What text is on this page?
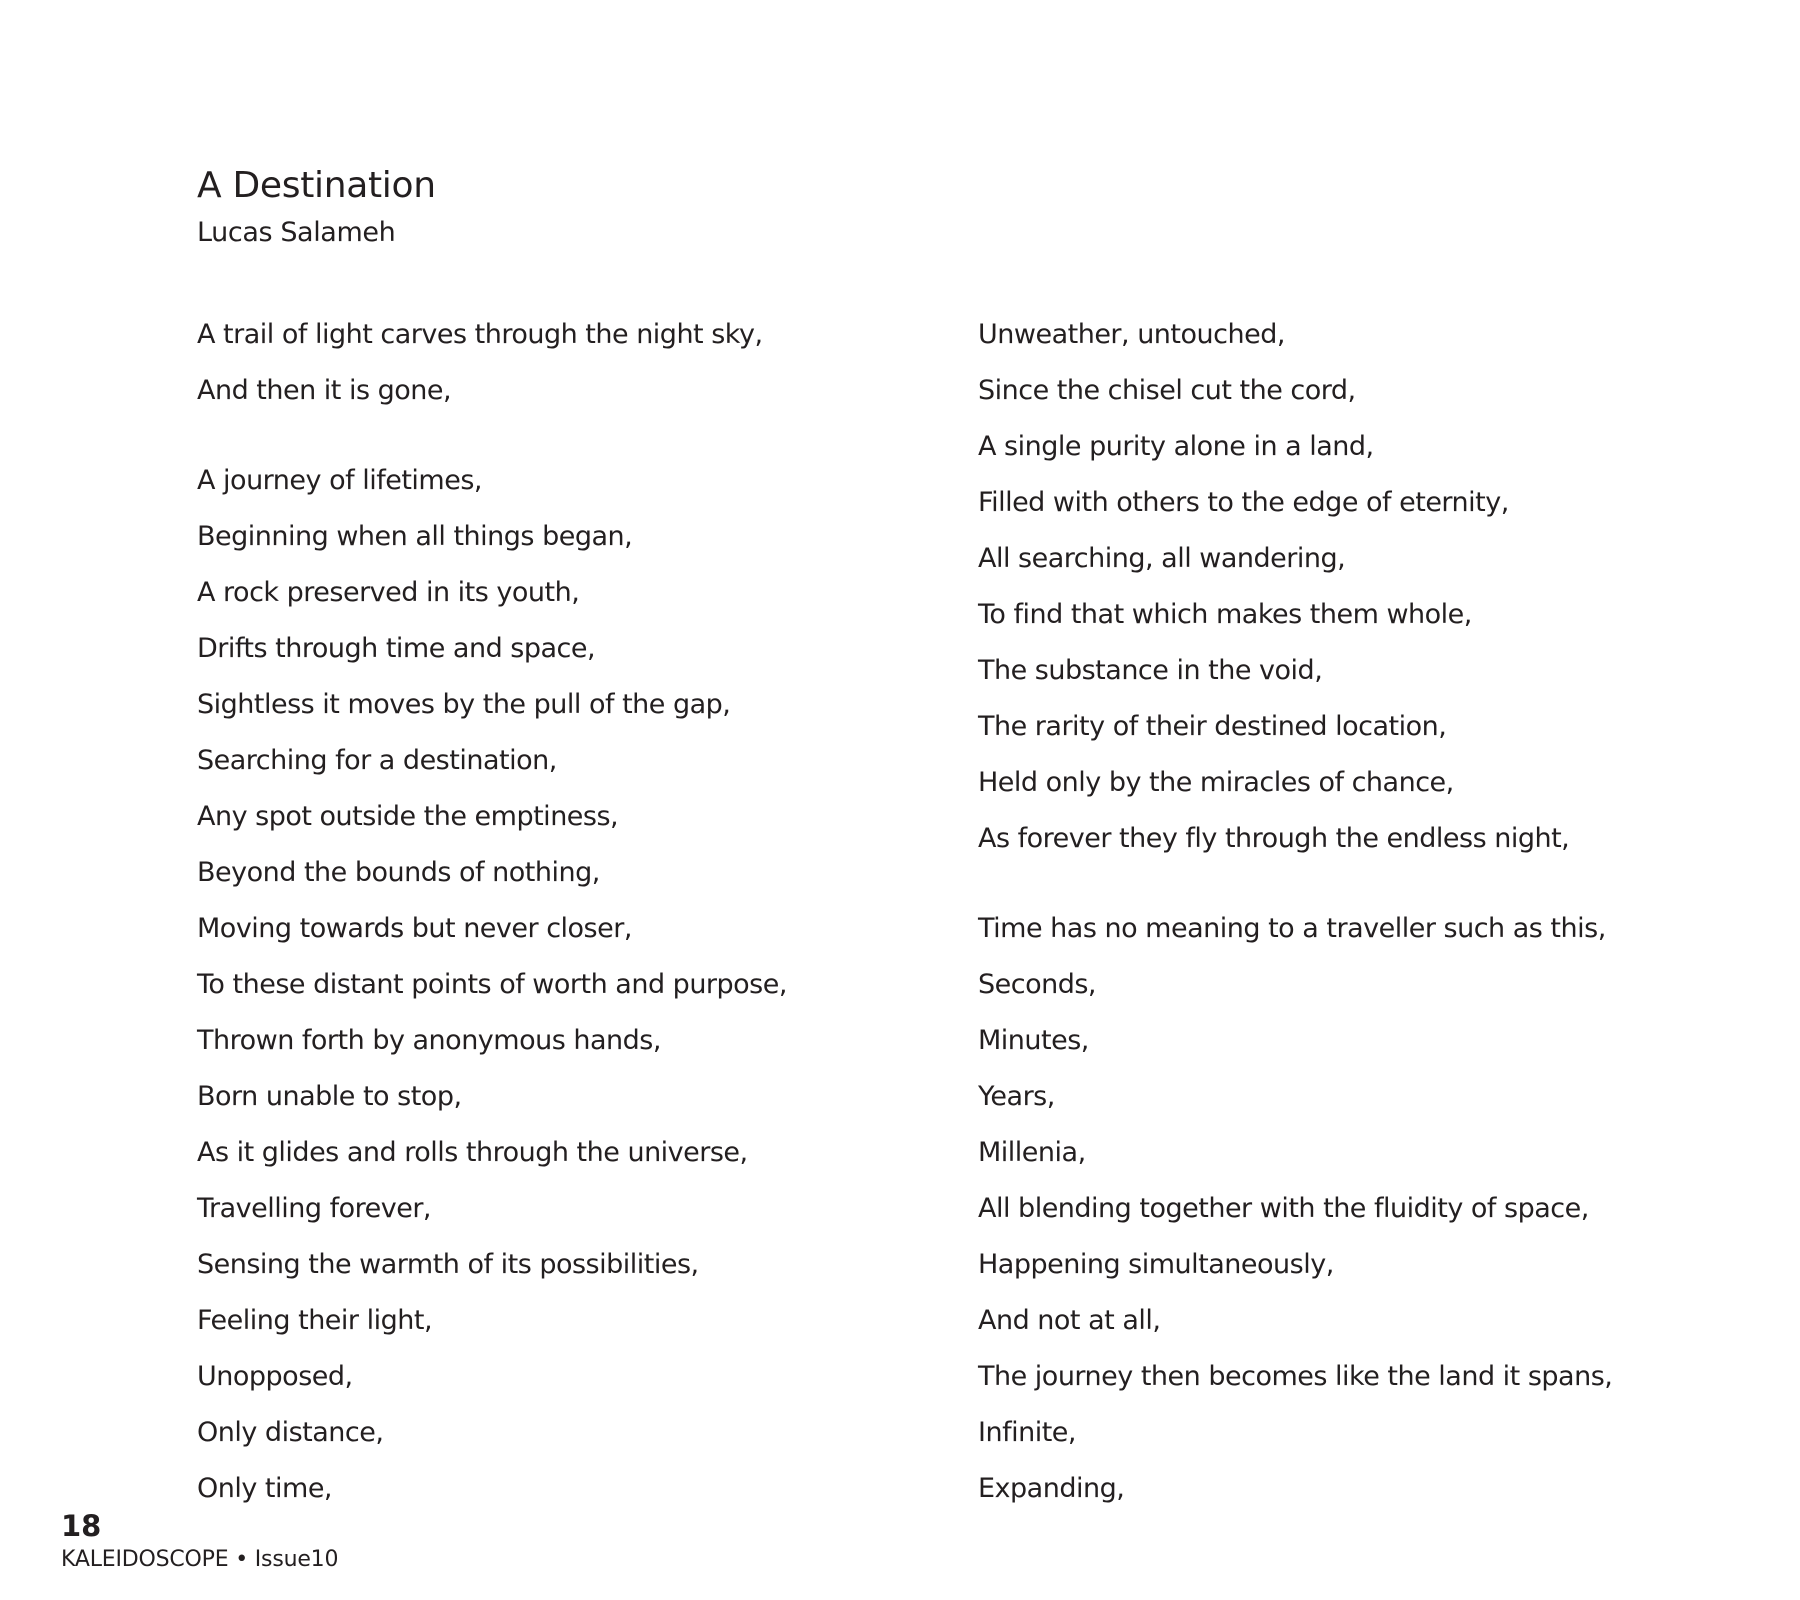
A Destination

Lucas Salameh

A trail of light carves through the night sky,
And then it is gone,
A journey of lifetimes,
Beginning when all things began,
A rock preserved in its youth,
Drifts through time and space,
Sightless it moves by the pull of the gap,
Searching for a destination,
Any spot outside the emptiness,
Beyond the bounds of nothing,
Moving towards but never closer,
To these distant points of worth and purpose,
Thrown forth by anonymous hands,
Born unable to stop,
As it glides and rolls through the universe,
Travelling forever,
Sensing the warmth of its possibilities,
Feeling their light,
Unopposed,
Only distance,
Only time,
Unweather, untouched,
Since the chisel cut the cord,
A single purity alone in a land,
Filled with others to the edge of eternity,
All searching, all wandering,
To find that which makes them whole,
The substance in the void,
The rarity of their destined location,
Held only by the miracles of chance,
As forever they fly through the endless night,
Time has no meaning to a traveller such as this,
Seconds,
Minutes,
Years,
Millenia,
All blending together with the fluidity of space,
Happening simultaneously,
And not at all,
The journey then becomes like the land it spans,
Infinite,
Expanding,
18
KALEIDOSCOPE • Issue10
